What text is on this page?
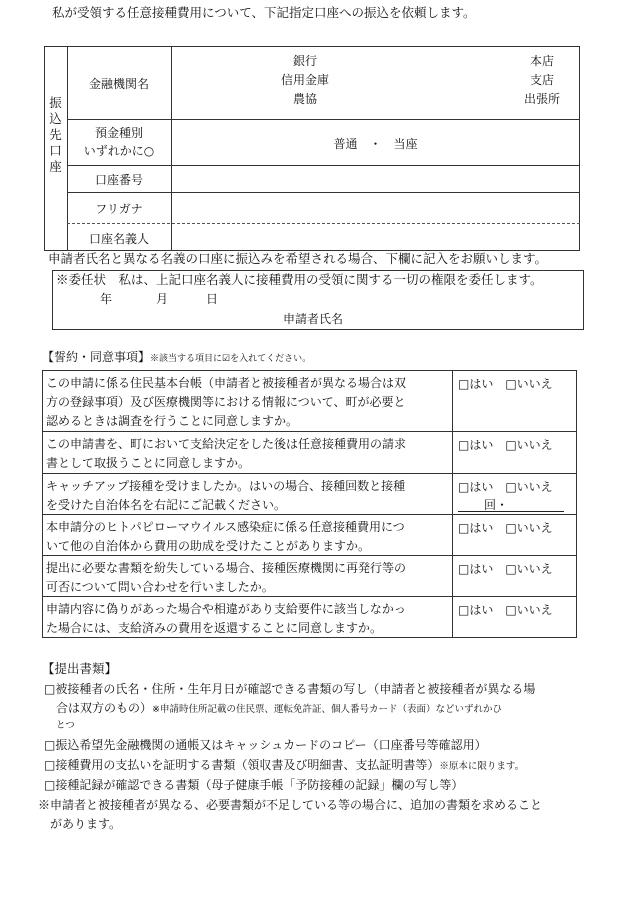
私が受領する任意接種費用について、下記指定口座への振込を依頼します。
振
込
先
口
座
金融機関名
銀行
信用金庫
農協
本店
支店
出張所
預金種別
いずれかに○	普通　・　当座
口座番号
フリガナ
口座名義人
申請者氏名と異なる名義の口座に振込みを希望される場合、下欄に記入をお願いします。
※委任状　私は、上記口座名義人に接種費用の受領に関する一切の権限を委任します。
年	月	日
申請者氏名
【誓約・同意事項】※該当する項目に☑を入れてください。
この申請に係る住民基本台帳（申請者と被接種者が異なる場合は双
方の登録事項）及び医療機関等における情報について、町が必要と
認めるときは調査を行うことに同意しますか。
□はい　□いいえ
この申請書を、町において支給決定をした後は任意接種費用の請求
書として取扱うことに同意しますか。
□はい　□いいえ
キャッチアップ接種を受けましたか。はいの場合、接種回数と接種
を受けた自治体名を右記にご記載ください。
□はい　□いいえ
回・
本申請分のヒトパピローマウイルス感染症に係る任意接種費用につ
いて他の自治体から費用の助成を受けたことがありますか。
□はい　□いいえ
提出に必要な書類を紛失している場合、接種医療機関に再発行等の
可否について問い合わせを行いましたか。
□はい　□いいえ
申請内容に偽りがあった場合や相違があり支給要件に該当しなかっ
た場合には、支給済みの費用を返還することに同意しますか。
□はい　□いいえ
【提出書類】
□被接種者の氏名・住所・生年月日が確認できる書類の写し（申請者と被接種者が異なる場
合は双方のもの）※申請時住所記載の住民票、運転免許証、個人番号カード（表面）などいずれかひ
とつ
□振込希望先金融機関の通帳又はキャッシュカードのコピー（口座番号等確認用）
□接種費用の支払いを証明する書類（領収書及び明細書、支払証明書等）※原本に限ります。
□接種記録が確認できる書類（母子健康手帳「予防接種の記録」欄の写し等）
※申請者と被接種者が異なる、必要書類が不足している等の場合に、追加の書類を求めること
があります。
